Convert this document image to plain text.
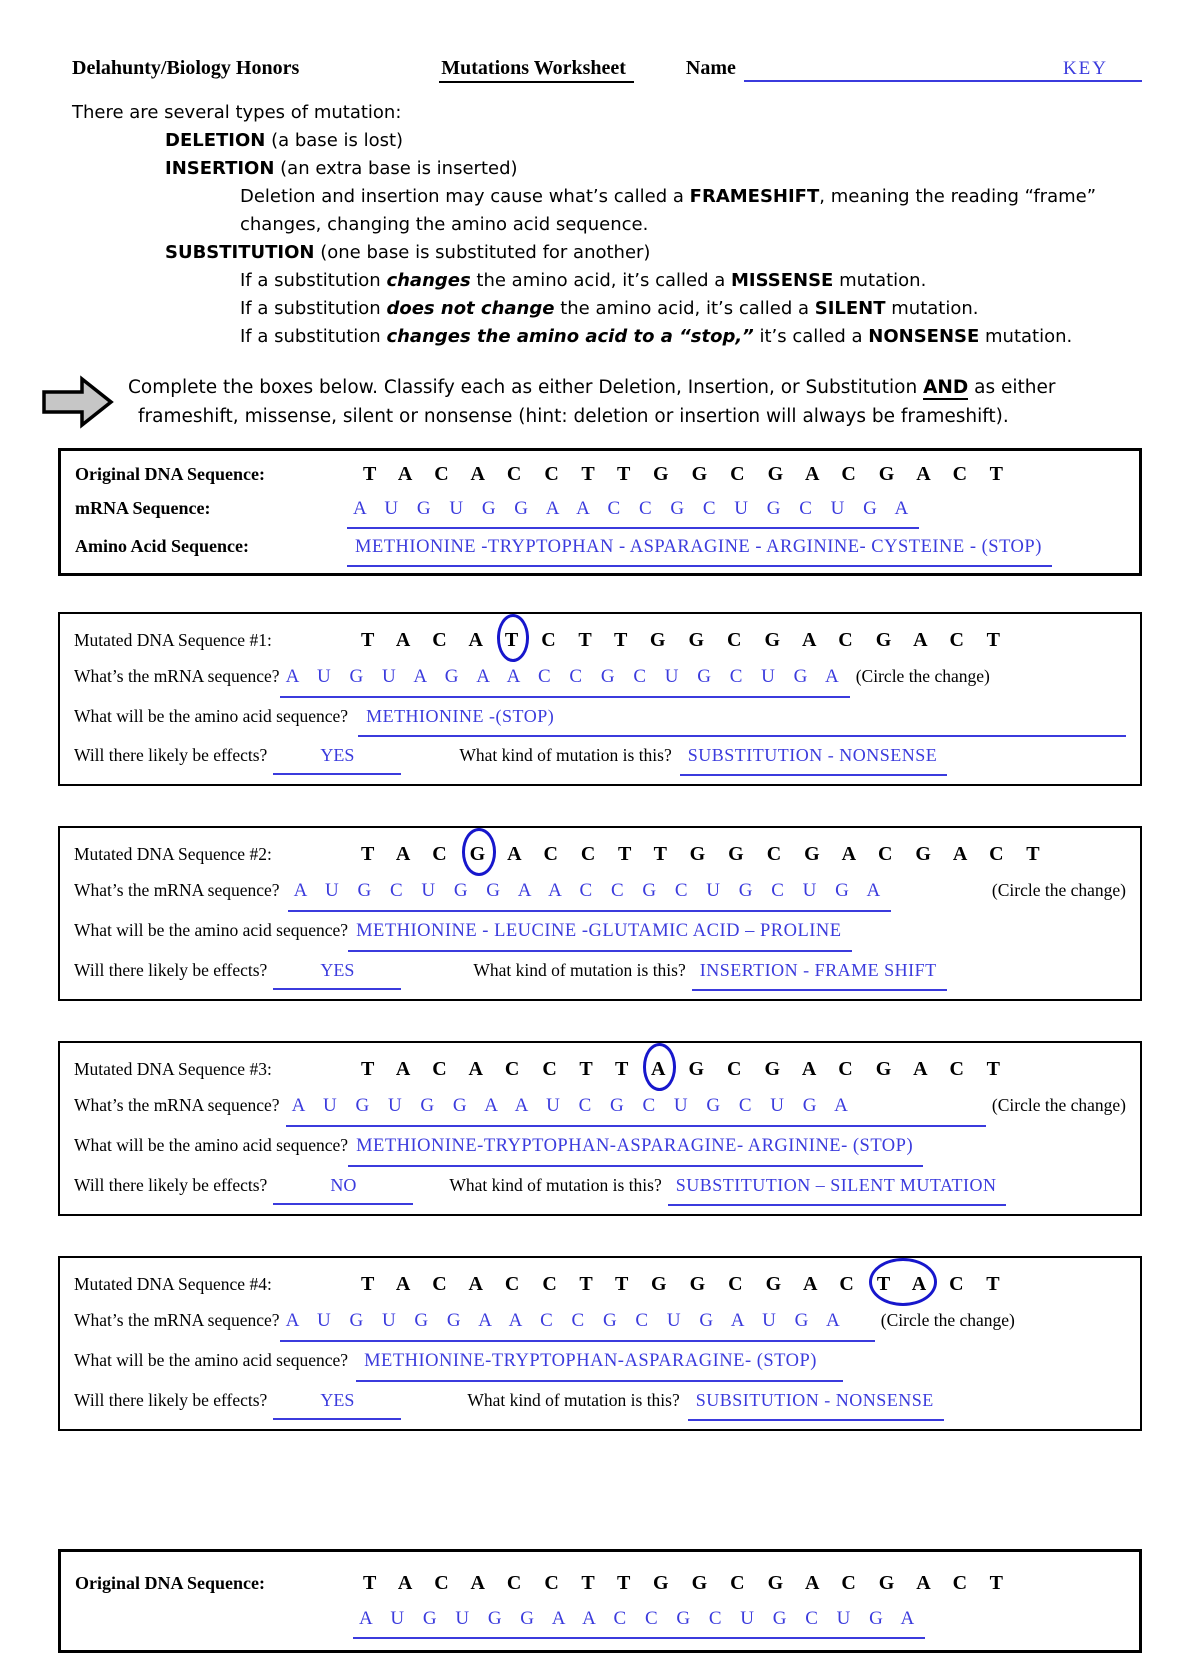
Delahunty/Biology Honors	Mutations Worksheet	Name	KEY
There are several types of mutation:
DELETION (a base is lost)
INSERTION (an extra base is inserted)
Deletion and insertion may cause what’s called a FRAMESHIFT, meaning the reading “frame”
changes, changing the amino acid sequence.
SUBSTITUTION (one base is substituted for another)
If a substitution changes the amino acid, it’s called a MISSENSE mutation.
If a substitution does not change the amino acid, it’s called a SILENT mutation.
If a substitution changes the amino acid to a “stop,” it’s called a NONSENSE mutation.
Complete the boxes below. Classify each as either Deletion, Insertion, or Substitution AND as either
frameshift, missense, silent or nonsense (hint: deletion or insertion will always be frameshift).
Original DNA Sequence:	T A C A C C T T G G C G A C G A C T
mRNA Sequence:	A U G U G G A A C C G C U G C U G A
Amino Acid Sequence:	METHIONINE -TRYPTOPHAN - ASPARAGINE - ARGININE- CYSTEINE - (STOP)
Mutated DNA Sequence #1:	T A C A T C T T G G C G A C G A C T
What’s the mRNA sequence? A U G U A G A A C C G C U G C U G A (Circle the change)
What will be the amino acid sequence?	METHIONINE -(STOP)
Will there likely be effects?	YES	What kind of mutation is this? SUBSTITUTION - NONSENSE
Mutated DNA Sequence #2:	T A C G A C C T T G G C G A C G A C T
What’s the mRNA sequence? A U G C U G G A A C C G C U G C U G A	(Circle the change)
What will be the amino acid sequence? METHIONINE - LEUCINE -GLUTAMIC ACID – PROLINE
Will there likely be effects?	YES	What kind of mutation is this? INSERTION - FRAME SHIFT
Mutated DNA Sequence #3:	T A C A C C T T A G C G A C G A C T
What’s the mRNA sequence? A U G U G G A A U C G C U G C U G A	(Circle the change)
What will be the amino acid sequence? METHIONINE-TRYPTOPHAN-ASPARAGINE- ARGININE- (STOP)
Will there likely be effects?	NO	What kind of mutation is this? SUBSTITUTION – SILENT MUTATION
Mutated DNA Sequence #4:	T A C A C C T T G G C G A C T A C T
What’s the mRNA sequence? A U G U G G A A C C G C U G A U G A	(Circle the change)
What will be the amino acid sequence? METHIONINE-TRYPTOPHAN-ASPARAGINE- (STOP)
Will there likely be effects?	YES	What kind of mutation is this? SUBSITUTION - NONSENSE
Original DNA Sequence:	T A C A C C T T G G C G A C G A C T
A U G U G G A A C C G C U G C U G A
